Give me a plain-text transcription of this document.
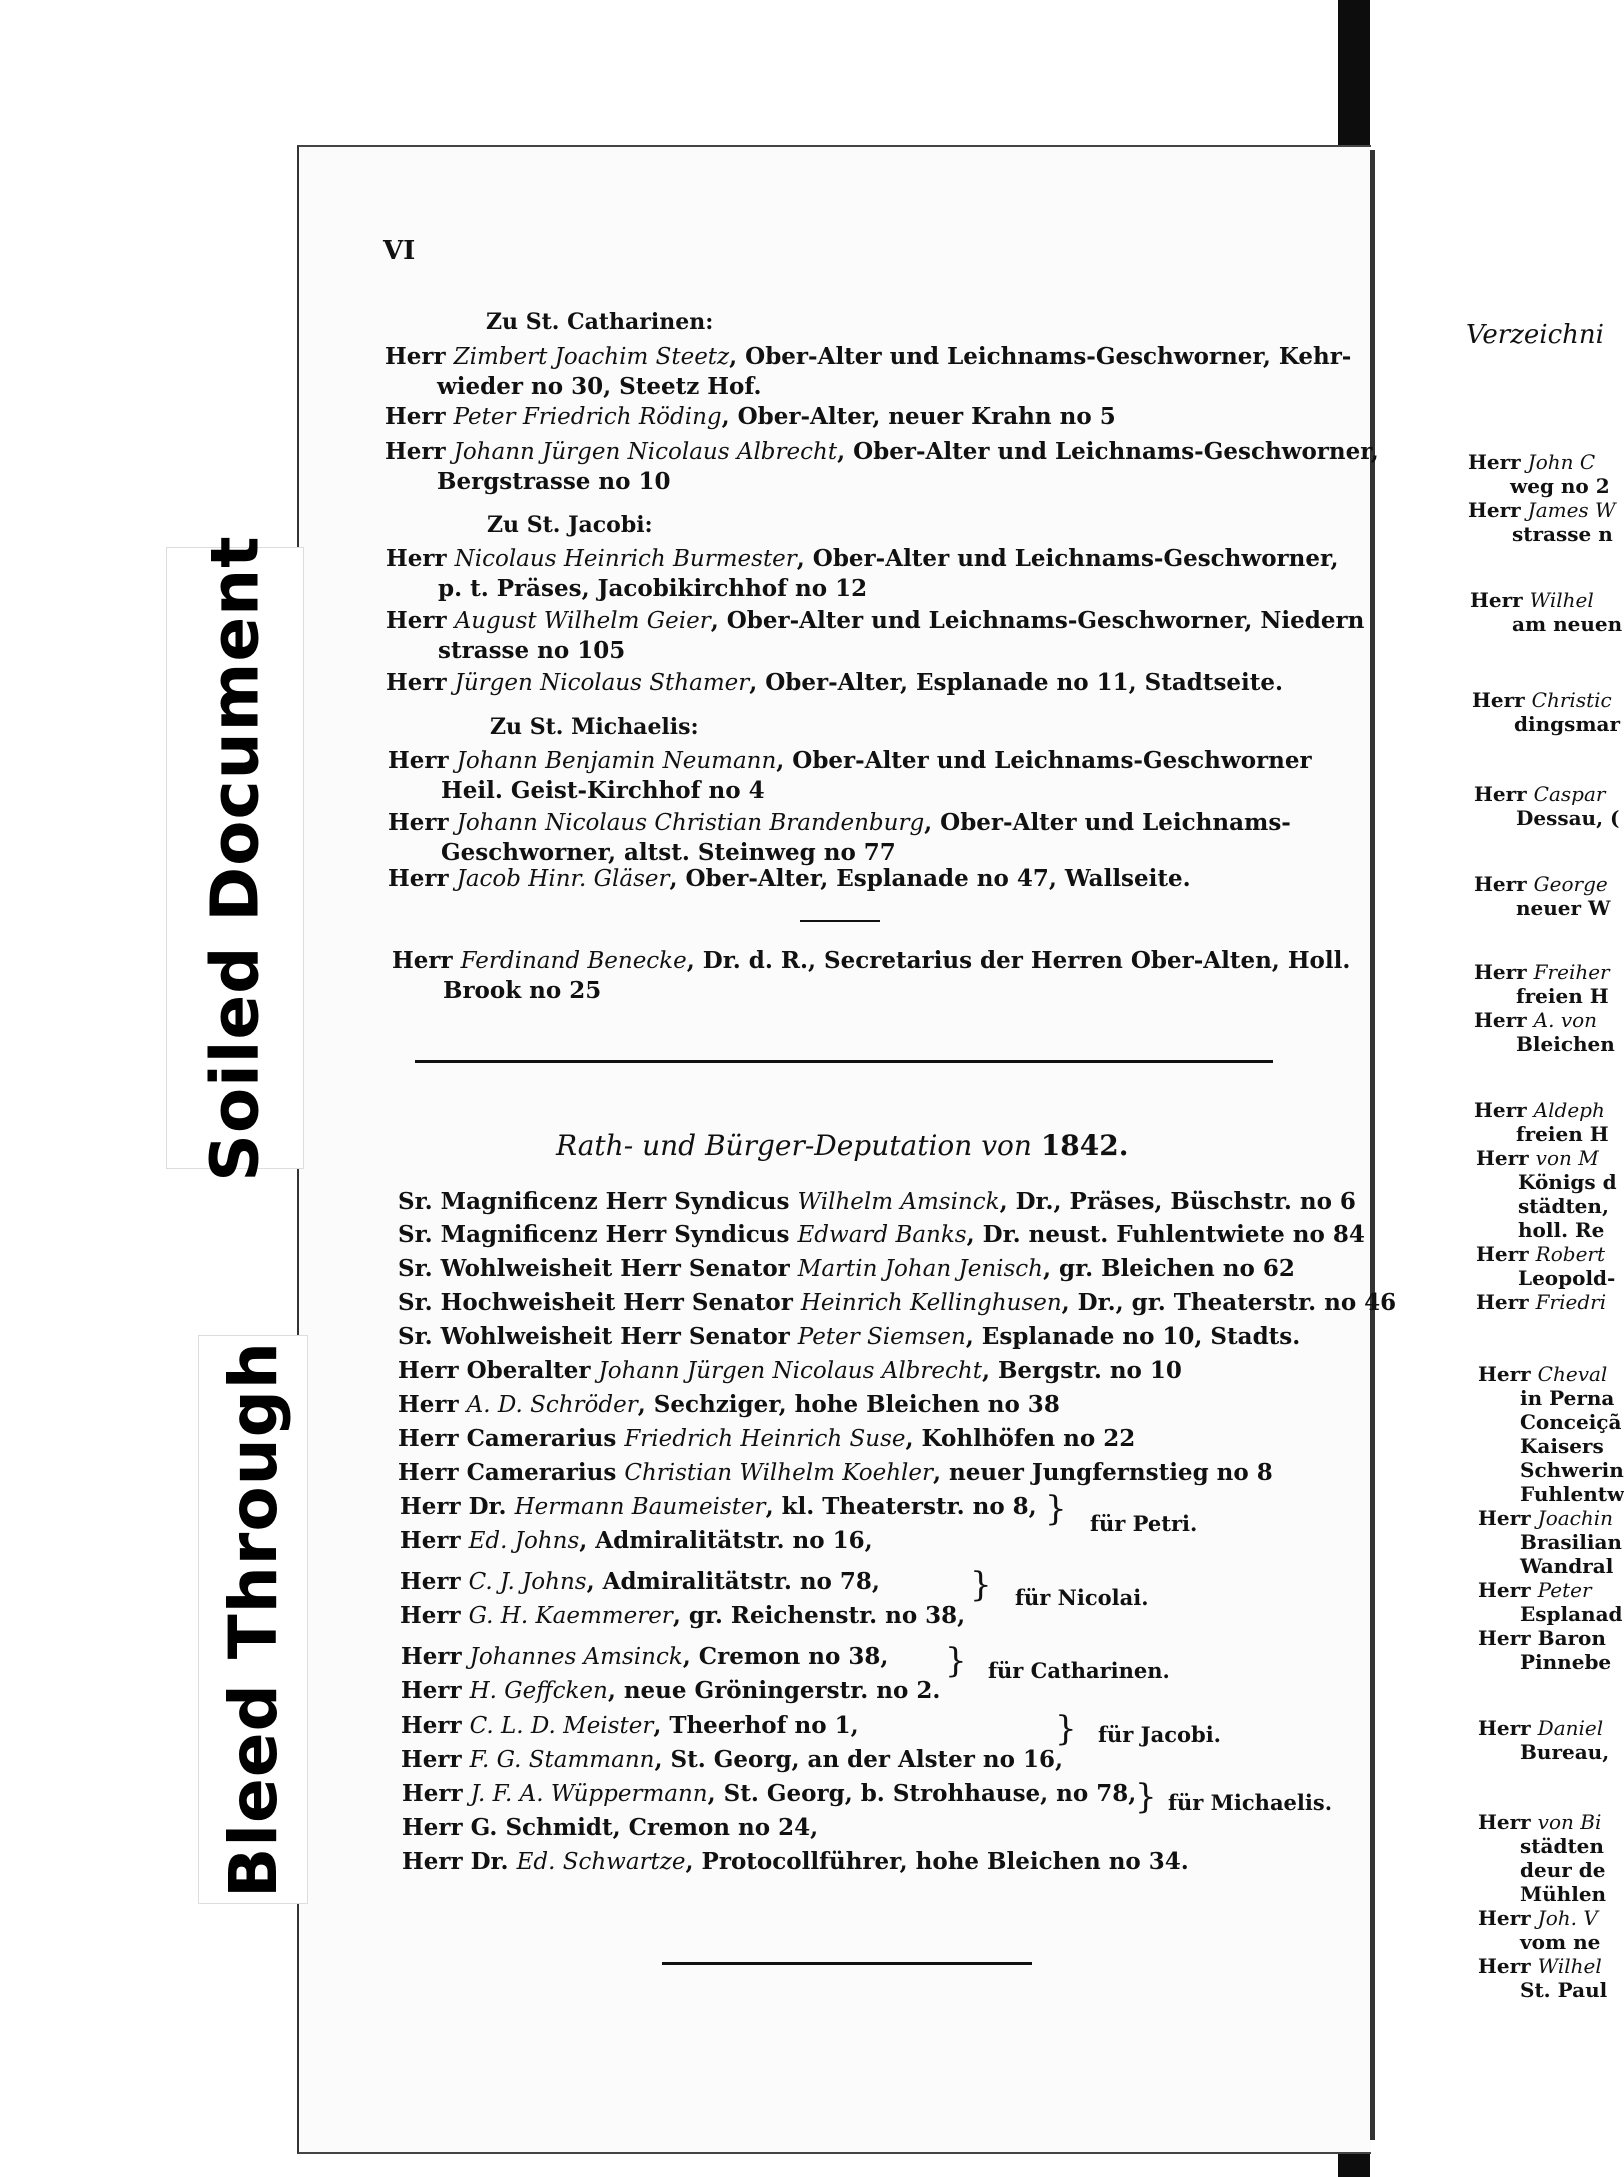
Soiled Document
Bleed Through
VI
Zu St. Catharinen:
Herr Zimbert Joachim Steetz, Ober-Alter und Leichnams-Geschworner, Kehr-
wieder no 30, Steetz Hof.
Herr Peter Friedrich Röding, Ober-Alter, neuer Krahn no 5
Herr Johann Jürgen Nicolaus Albrecht, Ober-Alter und Leichnams-Geschworner,
Bergstrasse no 10
Zu St. Jacobi:
Herr Nicolaus Heinrich Burmester, Ober-Alter und Leichnams-Geschworner,
p. t. Präses, Jacobikirchhof no 12
Herr August Wilhelm Geier, Ober-Alter und Leichnams-Geschworner, Niedern
strasse no 105
Herr Jürgen Nicolaus Sthamer, Ober-Alter, Esplanade no 11, Stadtseite.
Zu St. Michaelis:
Herr Johann Benjamin Neumann, Ober-Alter und Leichnams-Geschworner
Heil. Geist-Kirchhof no 4
Herr Johann Nicolaus Christian Brandenburg, Ober-Alter und Leichnams-
Geschworner, altst. Steinweg no 77
Herr Jacob Hinr. Gläser, Ober-Alter, Esplanade no 47, Wallseite.
Herr Ferdinand Benecke, Dr. d. R., Secretarius der Herren Ober-Alten, Holl.
Brook no 25
Rath- und Bürger-Deputation von 1842.
Sr. Magnificenz Herr Syndicus Wilhelm Amsinck, Dr., Präses, Büschstr. no 6
Sr. Magnificenz Herr Syndicus Edward Banks, Dr. neust. Fuhlentwiete no 84
Sr. Wohlweisheit Herr Senator Martin Johan Jenisch, gr. Bleichen no 62
Sr. Hochweisheit Herr Senator Heinrich Kellinghusen, Dr., gr. Theaterstr. no 46
Sr. Wohlweisheit Herr Senator Peter Siemsen, Esplanade no 10, Stadts.
Herr Oberalter Johann Jürgen Nicolaus Albrecht, Bergstr. no 10
Herr A. D. Schröder, Sechziger, hohe Bleichen no 38
Herr Camerarius Friedrich Heinrich Suse, Kohlhöfen no 22
Herr Camerarius Christian Wilhelm Koehler, neuer Jungfernstieg no 8
Herr Dr. Hermann Baumeister, kl. Theaterstr. no 8,
Herr Ed. Johns, Admiralitätstr. no 16,
} für Petri.
Herr C. J. Johns, Admiralitätstr. no 78,
Herr G. H. Kaemmerer, gr. Reichenstr. no 38,
} für Nicolai.
Herr Johannes Amsinck, Cremon no 38,
Herr H. Geffcken, neue Gröningerstr. no 2.
} für Catharinen.
Herr C. L. D. Meister, Theerhof no 1,
Herr F. G. Stammann, St. Georg, an der Alster no 16,
} für Jacobi.
Herr J. F. A. Wüppermann, St. Georg, b. Strohhause, no 78,
Herr G. Schmidt, Cremon no 24,
} für Michaelis.
Herr Dr. Ed. Schwartze, Protocollführer, hohe Bleichen no 34.
Verzeichni
Herr John C
weg no 2
Herr James W
strasse n
Herr Wilhel
am neuen
Herr Christic
dingsmar
Herr Caspar
Dessau, (
Herr George
neuer W
Herr Freiher
freien H
Herr A. von
Bleichen
Herr Aldeph
freien H
Herr von M
Königs d
städten,
holl. Re
Herr Robert
Leopold-
Herr Friedri
Herr Cheval
in Perna
Conceiçã
Kaisers
Schwerin
Fuhlentw
Herr Joachin
Brasilian
Wandral
Herr Peter
Esplanad
Herr Baron
Pinnebe
Herr Daniel
Bureau,
Herr von Bi
städten
deur de
Mühlen
Herr Joh. V
vom ne
Herr Wilhel
St. Paul
